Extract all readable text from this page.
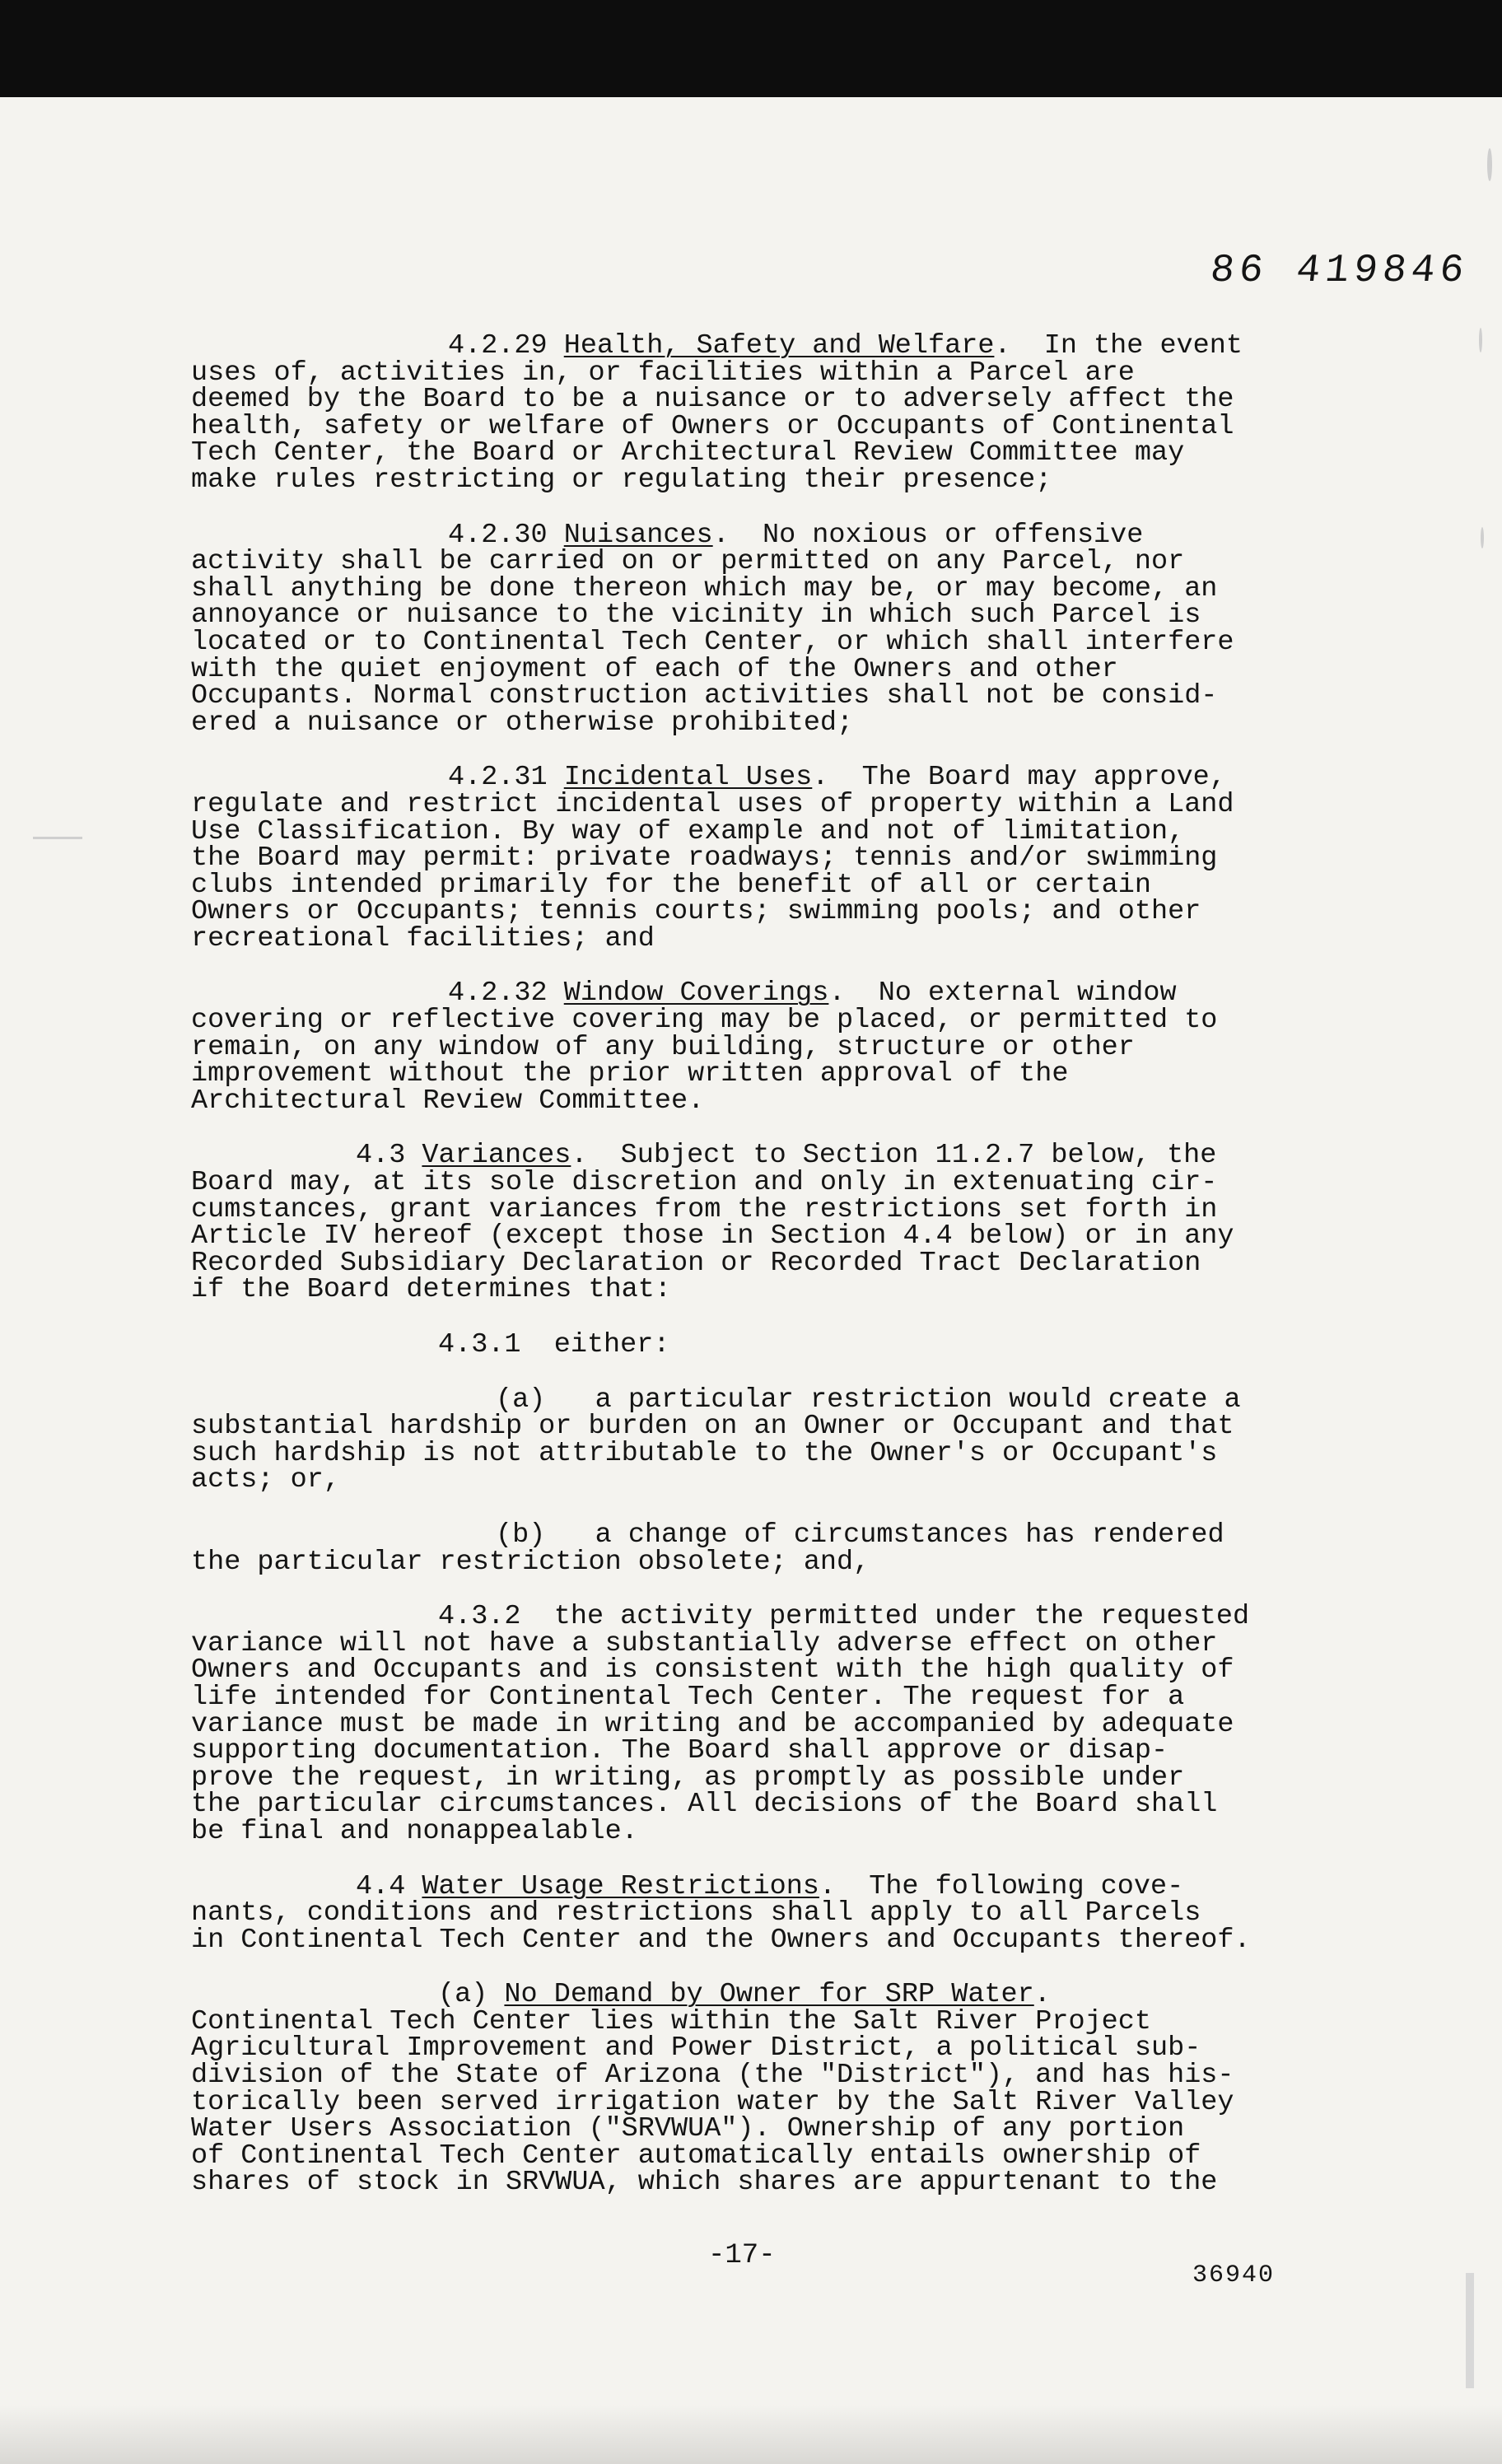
86 419846
4.2.29 Health, Safety and Welfare.  In the event
uses of, activities in, or facilities within a Parcel are
deemed by the Board to be a nuisance or to adversely affect the
health, safety or welfare of Owners or Occupants of Continental
Tech Center, the Board or Architectural Review Committee may
make rules restricting or regulating their presence;
4.2.30 Nuisances.  No noxious or offensive
activity shall be carried on or permitted on any Parcel, nor
shall anything be done thereon which may be, or may become, an
annoyance or nuisance to the vicinity in which such Parcel is
located or to Continental Tech Center, or which shall interfere
with the quiet enjoyment of each of the Owners and other
Occupants. Normal construction activities shall not be consid-
ered a nuisance or otherwise prohibited;
4.2.31 Incidental Uses.  The Board may approve,
regulate and restrict incidental uses of property within a Land
Use Classification. By way of example and not of limitation,
the Board may permit: private roadways; tennis and/or swimming
clubs intended primarily for the benefit of all or certain
Owners or Occupants; tennis courts; swimming pools; and other
recreational facilities; and
4.2.32 Window Coverings.  No external window
covering or reflective covering may be placed, or permitted to
remain, on any window of any building, structure or other
improvement without the prior written approval of the
Architectural Review Committee.
4.3 Variances.  Subject to Section 11.2.7 below, the
Board may, at its sole discretion and only in extenuating cir-
cumstances, grant variances from the restrictions set forth in
Article IV hereof (except those in Section 4.4 below) or in any
Recorded Subsidiary Declaration or Recorded Tract Declaration
if the Board determines that:
4.3.1  either:
(a)   a particular restriction would create a
substantial hardship or burden on an Owner or Occupant and that
such hardship is not attributable to the Owner's or Occupant's
acts; or,
(b)   a change of circumstances has rendered
the particular restriction obsolete; and,
4.3.2  the activity permitted under the requested
variance will not have a substantially adverse effect on other
Owners and Occupants and is consistent with the high quality of
life intended for Continental Tech Center. The request for a
variance must be made in writing and be accompanied by adequate
supporting documentation. The Board shall approve or disap-
prove the request, in writing, as promptly as possible under
the particular circumstances. All decisions of the Board shall
be final and nonappealable.
4.4 Water Usage Restrictions.  The following cove-
nants, conditions and restrictions shall apply to all Parcels
in Continental Tech Center and the Owners and Occupants thereof.
(a) No Demand by Owner for SRP Water.
Continental Tech Center lies within the Salt River Project
Agricultural Improvement and Power District, a political sub-
division of the State of Arizona (the "District"), and has his-
torically been served irrigation water by the Salt River Valley
Water Users Association ("SRVWUA"). Ownership of any portion
of Continental Tech Center automatically entails ownership of
shares of stock in SRVWUA, which shares are appurtenant to the
-17-
36940
